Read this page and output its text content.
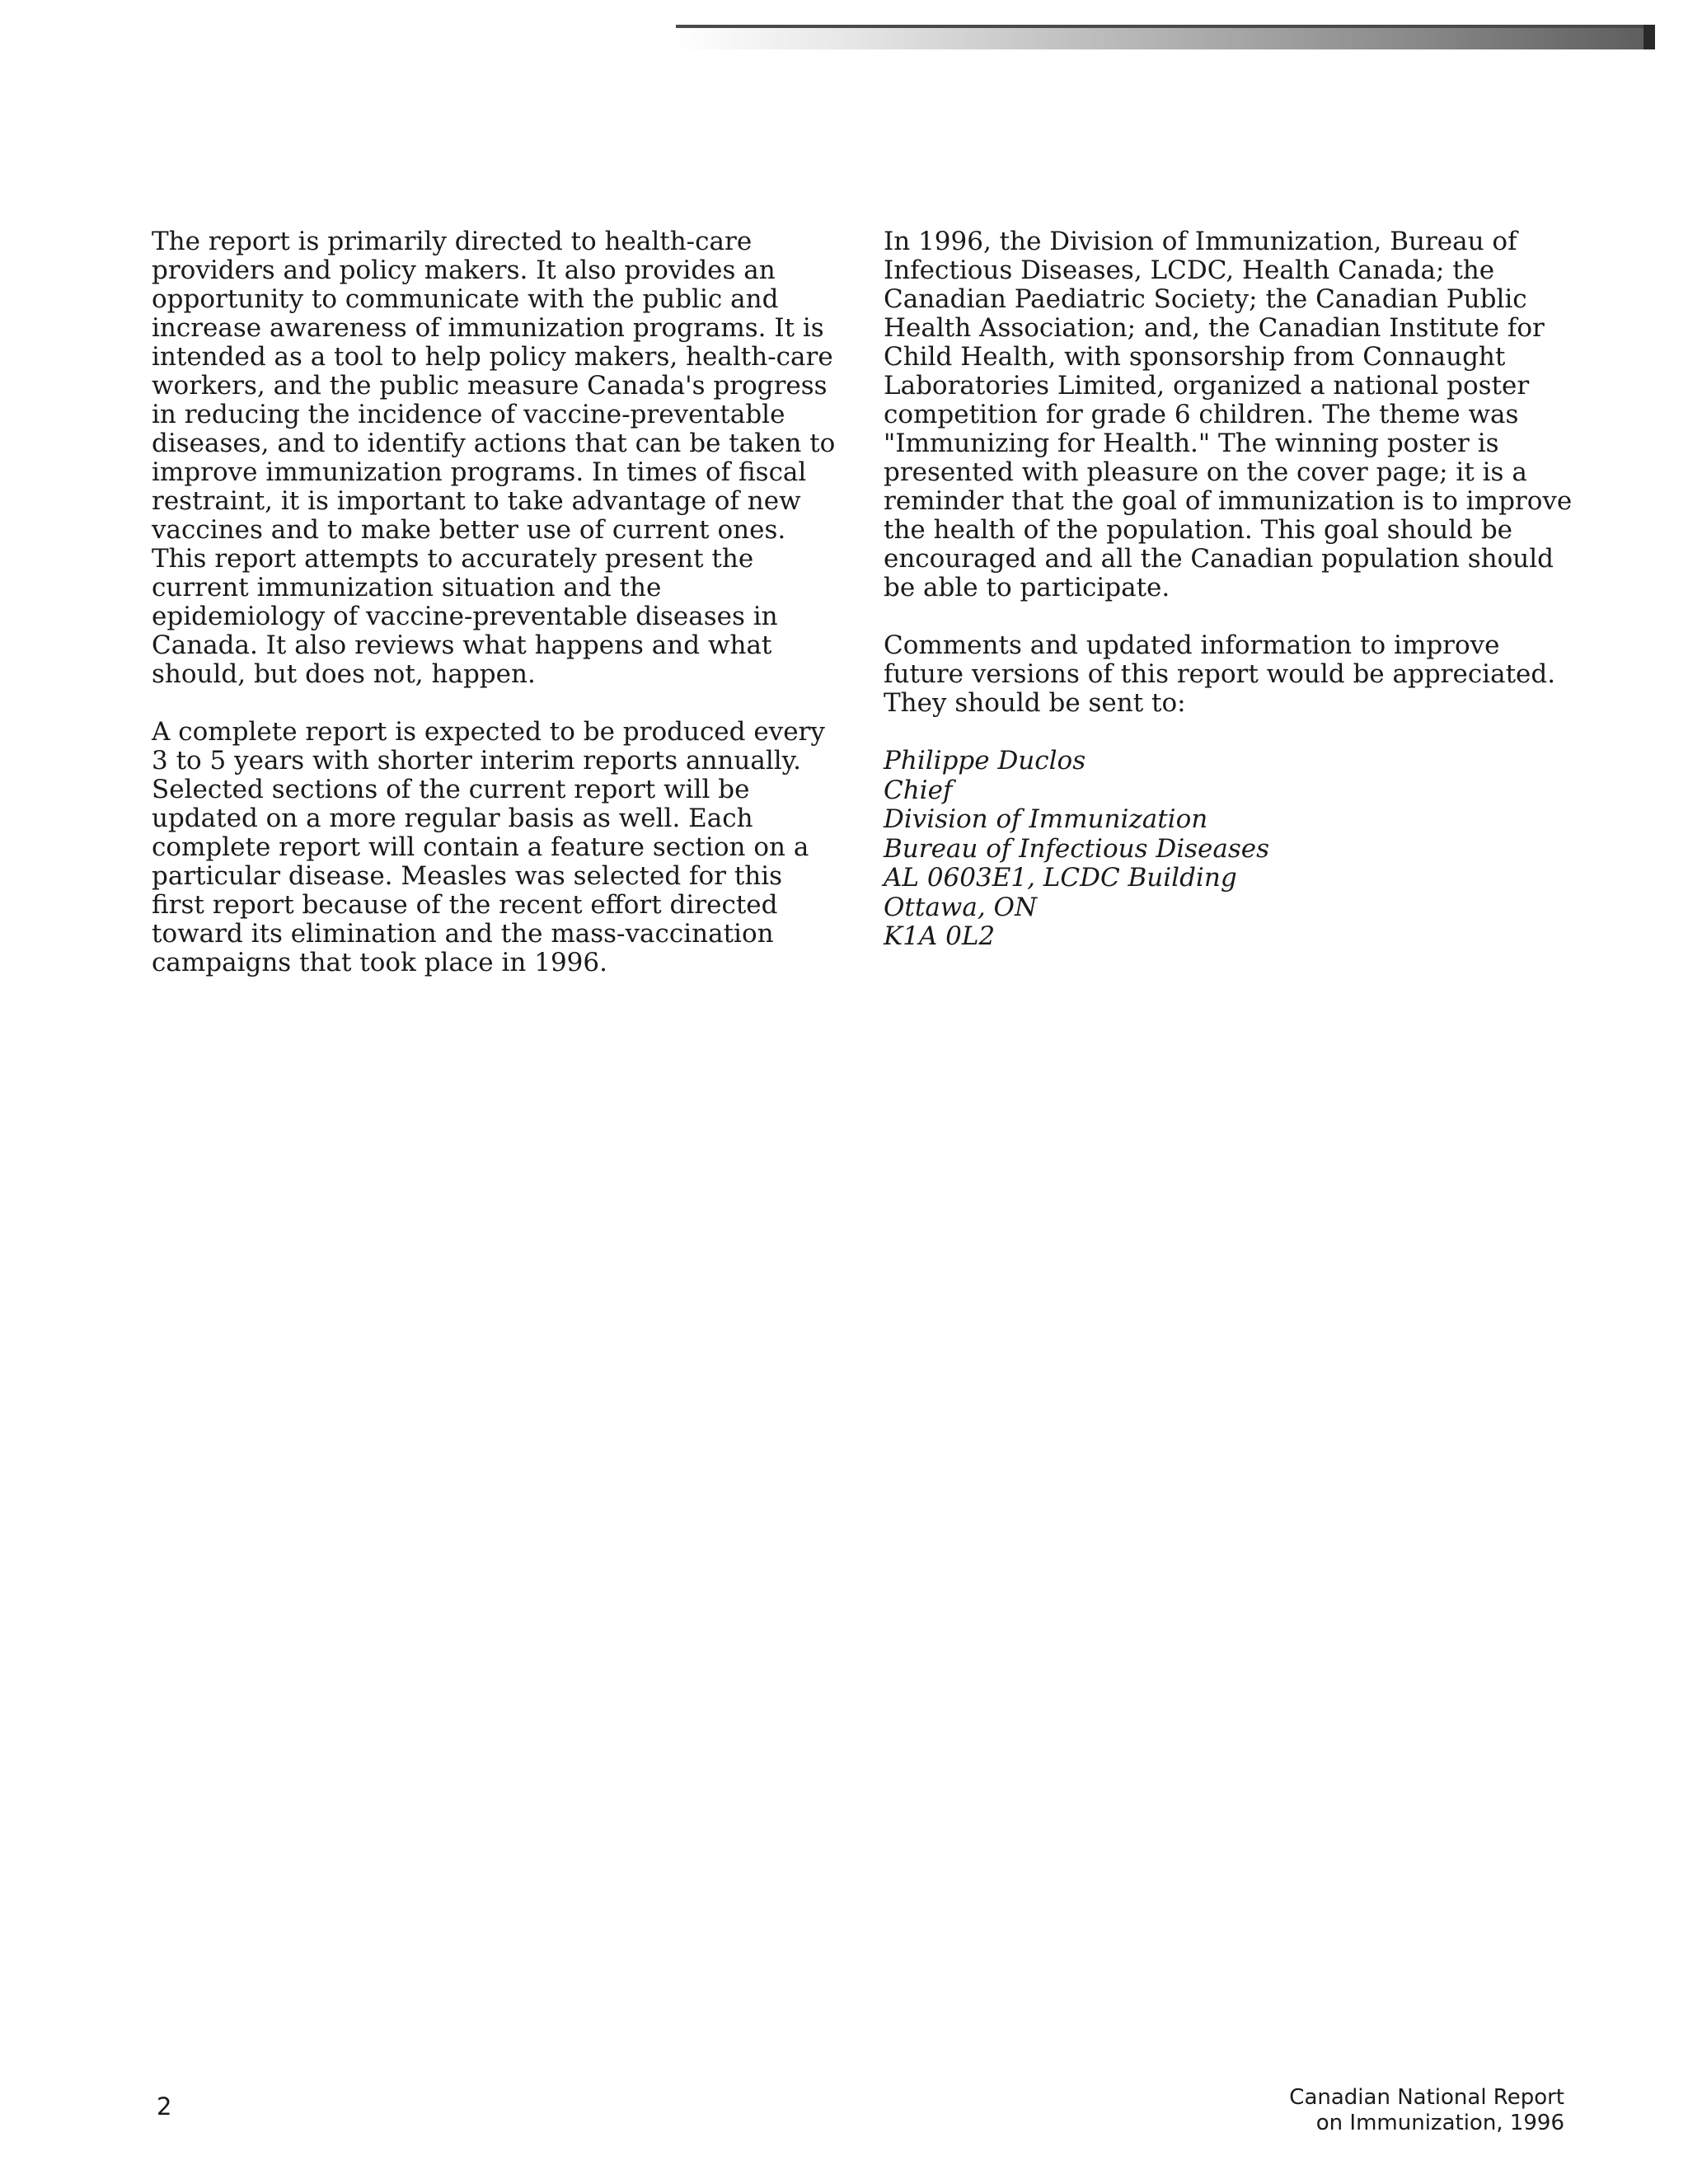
The report is primarily directed to health-care providers and policy makers. It also provides an opportunity to communicate with the public and increase awareness of immunization programs. It is intended as a tool to help policy makers, health-care workers, and the public measure Canada's progress in reducing the incidence of vaccine-preventable diseases, and to identify actions that can be taken to improve immunization programs. In times of fiscal restraint, it is important to take advantage of new vaccines and to make better use of current ones. This report attempts to accurately present the current immunization situation and the epidemiology of vaccine-preventable diseases in Canada. It also reviews what happens and what should, but does not, happen.

A complete report is expected to be produced every 3 to 5 years with shorter interim reports annually. Selected sections of the current report will be updated on a more regular basis as well. Each complete report will contain a feature section on a particular disease. Measles was selected for this first report because of the recent effort directed toward its elimination and the mass-vaccination campaigns that took place in 1996.

In 1996, the Division of Immunization, Bureau of Infectious Diseases, LCDC, Health Canada; the Canadian Paediatric Society; the Canadian Public Health Association; and, the Canadian Institute for Child Health, with sponsorship from Connaught Laboratories Limited, organized a national poster competition for grade 6 children. The theme was "Immunizing for Health." The winning poster is presented with pleasure on the cover page; it is a reminder that the goal of immunization is to improve the health of the population. This goal should be encouraged and all the Canadian population should be able to participate.

Comments and updated information to improve future versions of this report would be appreciated. They should be sent to:

Philippe Duclos
Chief
Division of Immunization
Bureau of Infectious Diseases
AL 0603E1, LCDC Building
Ottawa, ON
K1A 0L2
2	Canadian National Report
on Immunization, 1996
